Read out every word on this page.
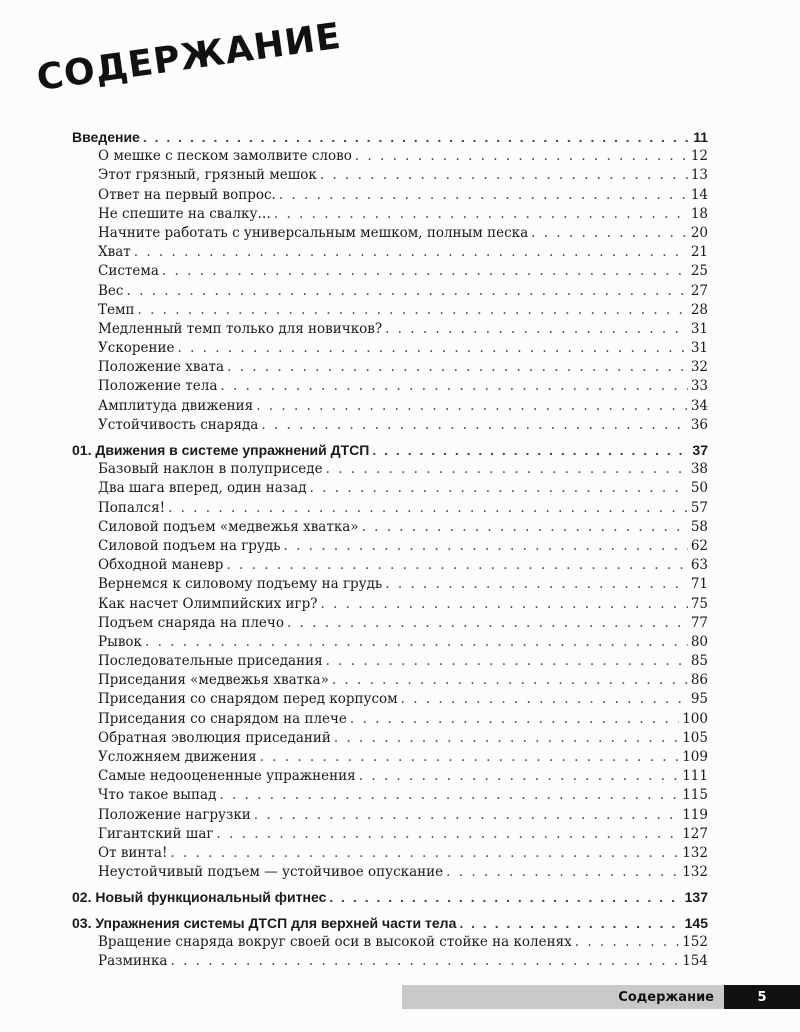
СОДЕРЖАНИЕ
Введение . . .	11
О мешке с песком замолвите слово . . .	12
Этот грязный, грязный мешок . . .	13
Ответ на первый вопрос. . . .	14
Не спешите на свалку… . . .	18
Начните работать с универсальным мешком, полным песка . . .	20
Хват . . .	21
Система . . .	25
Вес . . .	27
Темп . . .	28
Медленный темп только для новичков? . . .	31
Ускорение . . .	31
Положение хвата . . .	32
Положение тела . . .	33
Амплитуда движения . . .	34
Устойчивость снаряда . . .	36
01. Движения в системе упражнений ДТСП . . .	37
Базовый наклон в полуприседе . . .	38
Два шага вперед, один назад . . .	50
Попался! . . .	57
Силовой подъем «медвежья хватка» . . .	58
Силовой подъем на грудь . . .	62
Обходной маневр . . .	63
Вернемся к силовому подъему на грудь . . .	71
Как насчет Олимпийских игр? . . .	75
Подъем снаряда на плечо . . .	77
Рывок . . .	80
Последовательные приседания . . .	85
Приседания «медвежья хватка» . . .	86
Приседания со снарядом перед корпусом . . .	95
Приседания со снарядом на плече . . .	100
Обратная эволюция приседаний . . .	105
Усложняем движения . . .	109
Самые недооцененные упражнения . . .	111
Что такое выпад . . .	115
Положение нагрузки . . .	119
Гигантский шаг . . .	127
От винта! . . .	132
Неустойчивый подъем — устойчивое опускание . . .	132
02. Новый функциональный фитнес . . .	137
03. Упражнения системы ДТСП для верхней части тела . . .	145
Вращение снаряда вокруг своей оси в высокой стойке на коленях . . .	152
Разминка . . .	154
Содержание	5
